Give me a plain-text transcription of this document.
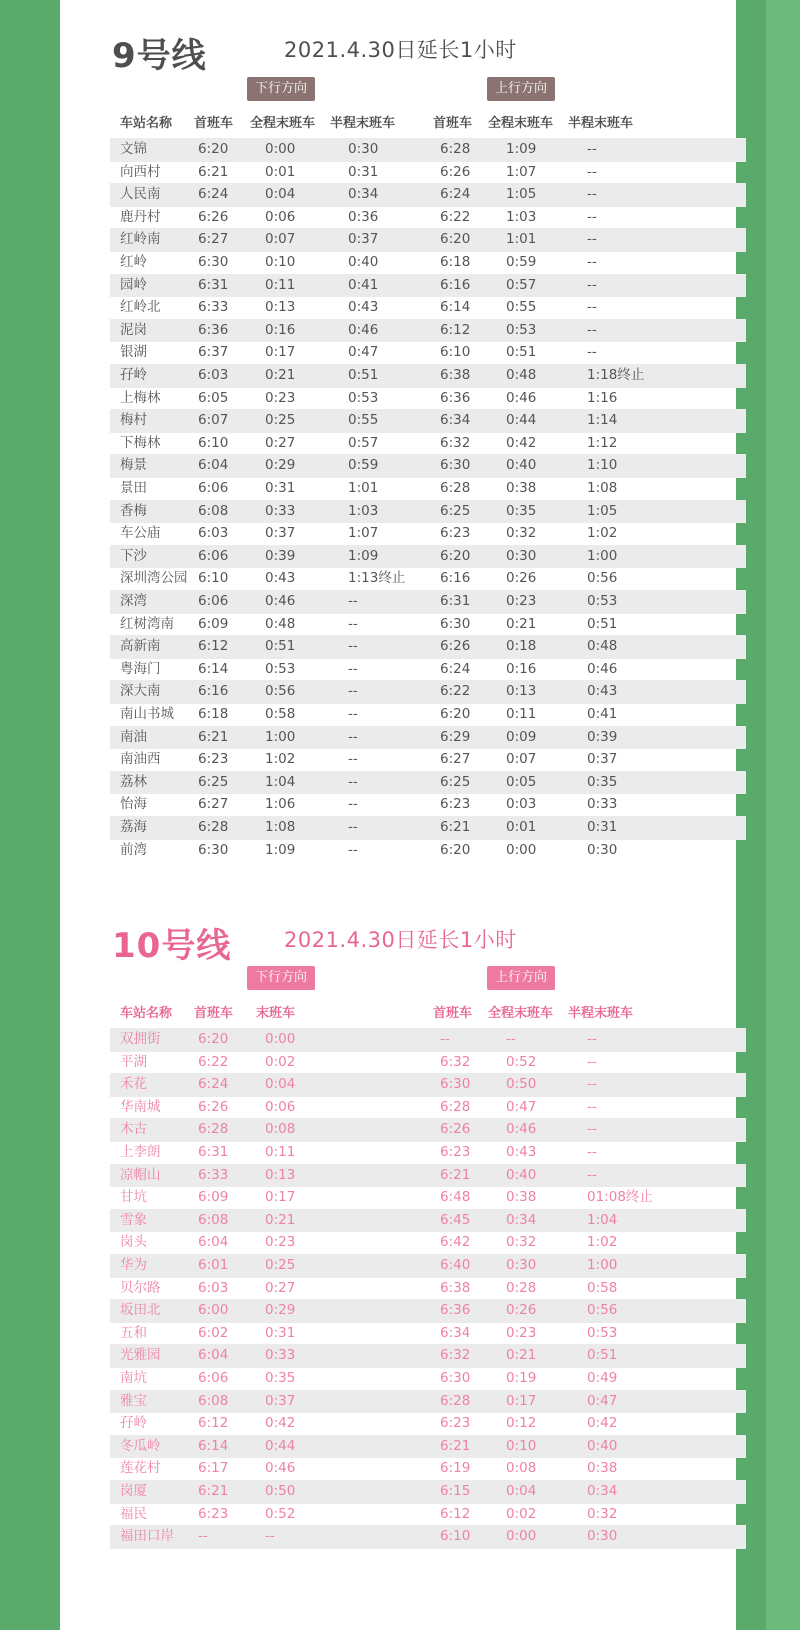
9号线	2021.4.30日延长1小时
下行方向	上行方向
车站名称 首班车 全程末班车 半程末班车	首班车 全程末班车 半程末班车
文锦	6:20	0:00	0:30	6:28	1:09	--
向西村	6:21	0:01	0:31	6:26	1:07	--
人民南	6:24	0:04	0:34	6:24	1:05	--
鹿丹村	6:26	0:06	0:36	6:22	1:03	--
红岭南	6:27	0:07	0:37	6:20	1:01	--
红岭	6:30	0:10	0:40	6:18	0:59	--
园岭	6:31	0:11	0:41	6:16	0:57	--
红岭北	6:33	0:13	0:43	6:14	0:55	--
泥岗	6:36	0:16	0:46	6:12	0:53	--
银湖	6:37	0:17	0:47	6:10	0:51	--
孖岭	6:03	0:21	0:51	6:38	0:48	1:18终止
上梅林	6:05	0:23	0:53	6:36	0:46	1:16
梅村	6:07	0:25	0:55	6:34	0:44	1:14
下梅林	6:10	0:27	0:57	6:32	0:42	1:12
梅景	6:04	0:29	0:59	6:30	0:40	1:10
景田	6:06	0:31	1:01	6:28	0:38	1:08
香梅	6:08	0:33	1:03	6:25	0:35	1:05
车公庙	6:03	0:37	1:07	6:23	0:32	1:02
下沙	6:06	0:39	1:09	6:20	0:30	1:00
深圳湾公园 6:10	0:43	1:13终止	6:16	0:26	0:56
深湾	6:06	0:46	--	6:31	0:23	0:53
红树湾南 6:09	0:48	--	6:30	0:21	0:51
高新南	6:12	0:51	--	6:26	0:18	0:48
粤海门	6:14	0:53	--	6:24	0:16	0:46
深大南	6:16	0:56	--	6:22	0:13	0:43
南山书城 6:18	0:58	--	6:20	0:11	0:41
南油	6:21	1:00	--	6:29	0:09	0:39
南油西	6:23	1:02	--	6:27	0:07	0:37
荔林	6:25	1:04	--	6:25	0:05	0:35
怡海	6:27	1:06	--	6:23	0:03	0:33
荔海	6:28	1:08	--	6:21	0:01	0:31
前湾	6:30	1:09	--	6:20	0:00	0:30
10号线	2021.4.30日延长1小时
下行方向	上行方向
车站名称 首班车 末班车	首班车 全程末班车 半程末班车
双拥街	6:20	0:00	--	--	--
平湖	6:22	0:02	6:32	0:52	--
禾花	6:24	0:04	6:30	0:50	--
华南城	6:26	0:06	6:28	0:47	--
木古	6:28	0:08	6:26	0:46	--
上李朗	6:31	0:11	6:23	0:43	--
凉帽山	6:33	0:13	6:21	0:40	--
甘坑	6:09	0:17	6:48	0:38	01:08终止
雪象	6:08	0:21	6:45	0:34	1:04
岗头	6:04	0:23	6:42	0:32	1:02
华为	6:01	0:25	6:40	0:30	1:00
贝尔路	6:03	0:27	6:38	0:28	0:58
坂田北	6:00	0:29	6:36	0:26	0:56
五和	6:02	0:31	6:34	0:23	0:53
光雅园	6:04	0:33	6:32	0:21	0:51
南坑	6:06	0:35	6:30	0:19	0:49
雅宝	6:08	0:37	6:28	0:17	0:47
孖岭	6:12	0:42	6:23	0:12	0:42
冬瓜岭	6:14	0:44	6:21	0:10	0:40
莲花村	6:17	0:46	6:19	0:08	0:38
岗厦	6:21	0:50	6:15	0:04	0:34
福民	6:23	0:52	6:12	0:02	0:32
福田口岸 --	--	6:10	0:00	0:30
